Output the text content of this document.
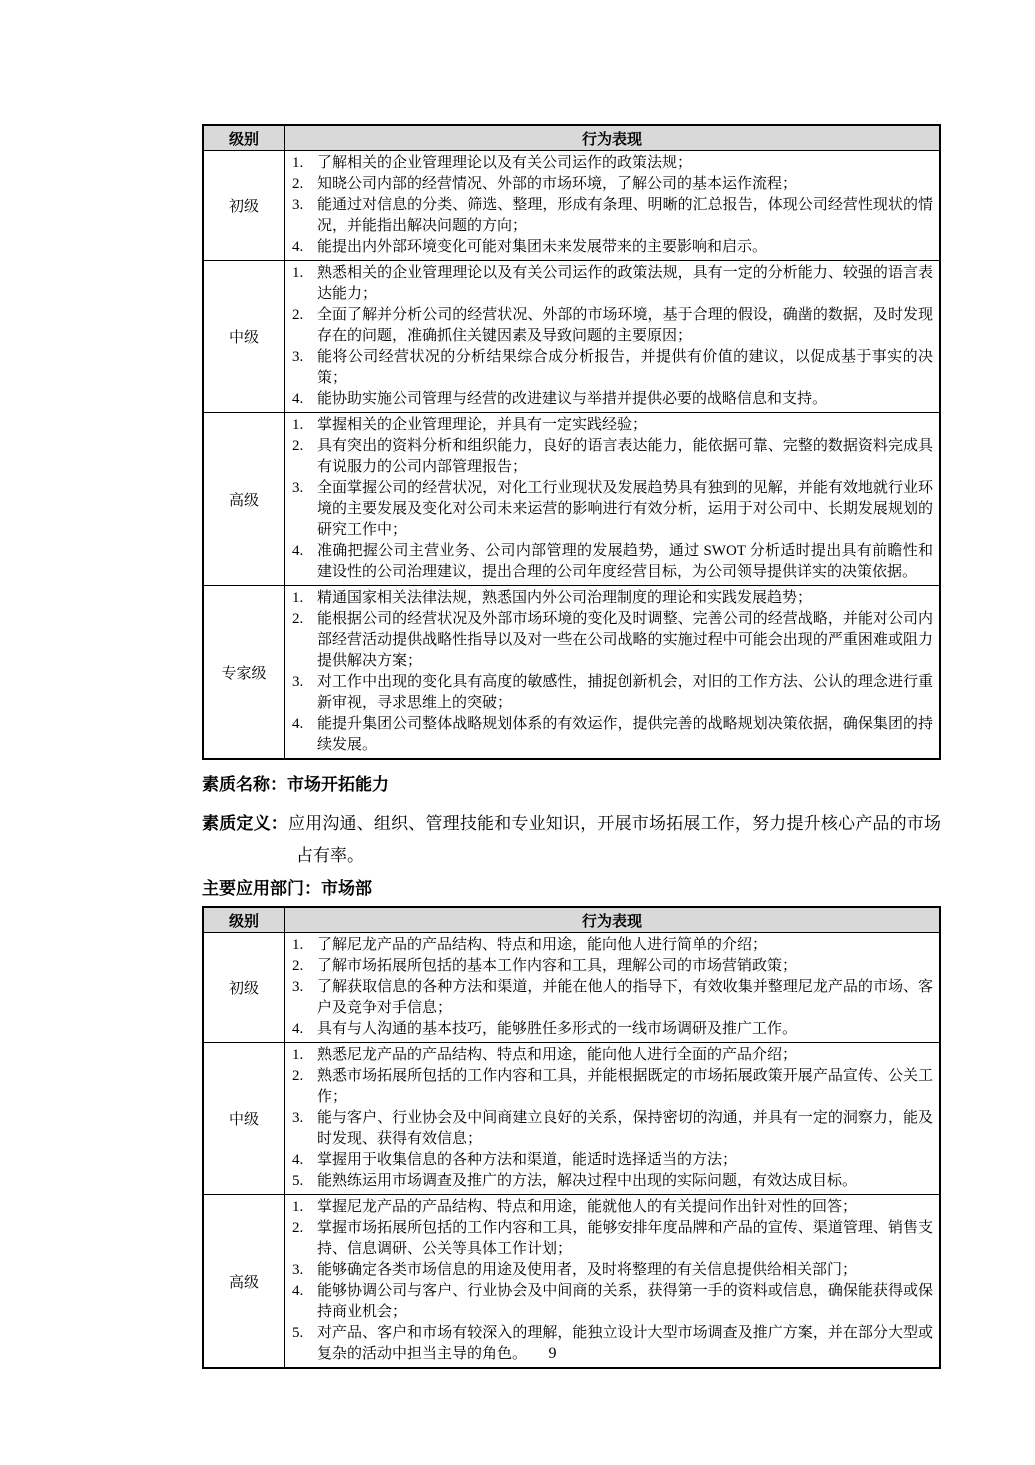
级别	行为表现
初级	
了解相关的企业管理理论以及有关公司运作的政策法规；
知晓公司内部的经营情况、外部的市场环境，了解公司的基本运作流程；
能通过对信息的分类、筛选、整理，形成有条理、明晰的汇总报告，体现公司经营性现状的情况，并能指出解决问题的方向；
能提出内外部环境变化可能对集团未来发展带来的主要影响和启示。

中级	
熟悉相关的企业管理理论以及有关公司运作的政策法规，具有一定的分析能力、较强的语言表达能力；
全面了解并分析公司的经营状况、外部的市场环境，基于合理的假设，确凿的数据，及时发现存在的问题，准确抓住关键因素及导致问题的主要原因；
能将公司经营状况的分析结果综合成分析报告，并提供有价值的建议，以促成基于事实的决策；
能协助实施公司管理与经营的改进建议与举措并提供必要的战略信息和支持。

高级	
掌握相关的企业管理理论，并具有一定实践经验；
具有突出的资料分析和组织能力，良好的语言表达能力，能依据可靠、完整的数据资料完成具有说服力的公司内部管理报告；
全面掌握公司的经营状况，对化工行业现状及发展趋势具有独到的见解，并能有效地就行业环境的主要发展及变化对公司未来运营的影响进行有效分析，运用于对公司中、长期发展规划的研究工作中；
准确把握公司主营业务、公司内部管理的发展趋势，通过 SWOT 分析适时提出具有前瞻性和建设性的公司治理建议，提出合理的公司年度经营目标，为公司领导提供详实的决策依据。

专家级	
精通国家相关法律法规，熟悉国内外公司治理制度的理论和实践发展趋势；
能根据公司的经营状况及外部市场环境的变化及时调整、完善公司的经营战略，并能对公司内部经营活动提供战略性指导以及对一些在公司战略的实施过程中可能会出现的严重困难或阻力提供解决方案；
对工作中出现的变化具有高度的敏感性，捕捉创新机会，对旧的工作方法、公认的理念进行重新审视，寻求思维上的突破；
能提升集团公司整体战略规划体系的有效运作，提供完善的战略规划决策依据，确保集团的持续发展。
素质名称：市场开拓能力
素质定义：应用沟通、组织、管理技能和专业知识，开展市场拓展工作，努力提升核心产品的市场占有率。
主要应用部门：市场部
级别	行为表现
初级	
了解尼龙产品的产品结构、特点和用途，能向他人进行简单的介绍；
了解市场拓展所包括的基本工作内容和工具，理解公司的市场营销政策；
了解获取信息的各种方法和渠道，并能在他人的指导下，有效收集并整理尼龙产品的市场、客户及竞争对手信息；
具有与人沟通的基本技巧，能够胜任多形式的一线市场调研及推广工作。

中级	
熟悉尼龙产品的产品结构、特点和用途，能向他人进行全面的产品介绍；
熟悉市场拓展所包括的工作内容和工具，并能根据既定的市场拓展政策开展产品宣传、公关工作；
能与客户、行业协会及中间商建立良好的关系，保持密切的沟通，并具有一定的洞察力，能及时发现、获得有效信息；
掌握用于收集信息的各种方法和渠道，能适时选择适当的方法；
能熟练运用市场调查及推广的方法，解决过程中出现的实际问题，有效达成目标。

高级	
掌握尼龙产品的产品结构、特点和用途，能就他人的有关提问作出针对性的回答；
掌握市场拓展所包括的工作内容和工具，能够安排年度品牌和产品的宣传、渠道管理、销售支持、信息调研、公关等具体工作计划；
能够确定各类市场信息的用途及使用者，及时将整理的有关信息提供给相关部门；
能够协调公司与客户、行业协会及中间商的关系，获得第一手的资料或信息，确保能获得或保持商业机会；
对产品、客户和市场有较深入的理解，能独立设计大型市场调查及推广方案，并在部分大型或复杂的活动中担当主导的角色。	9
